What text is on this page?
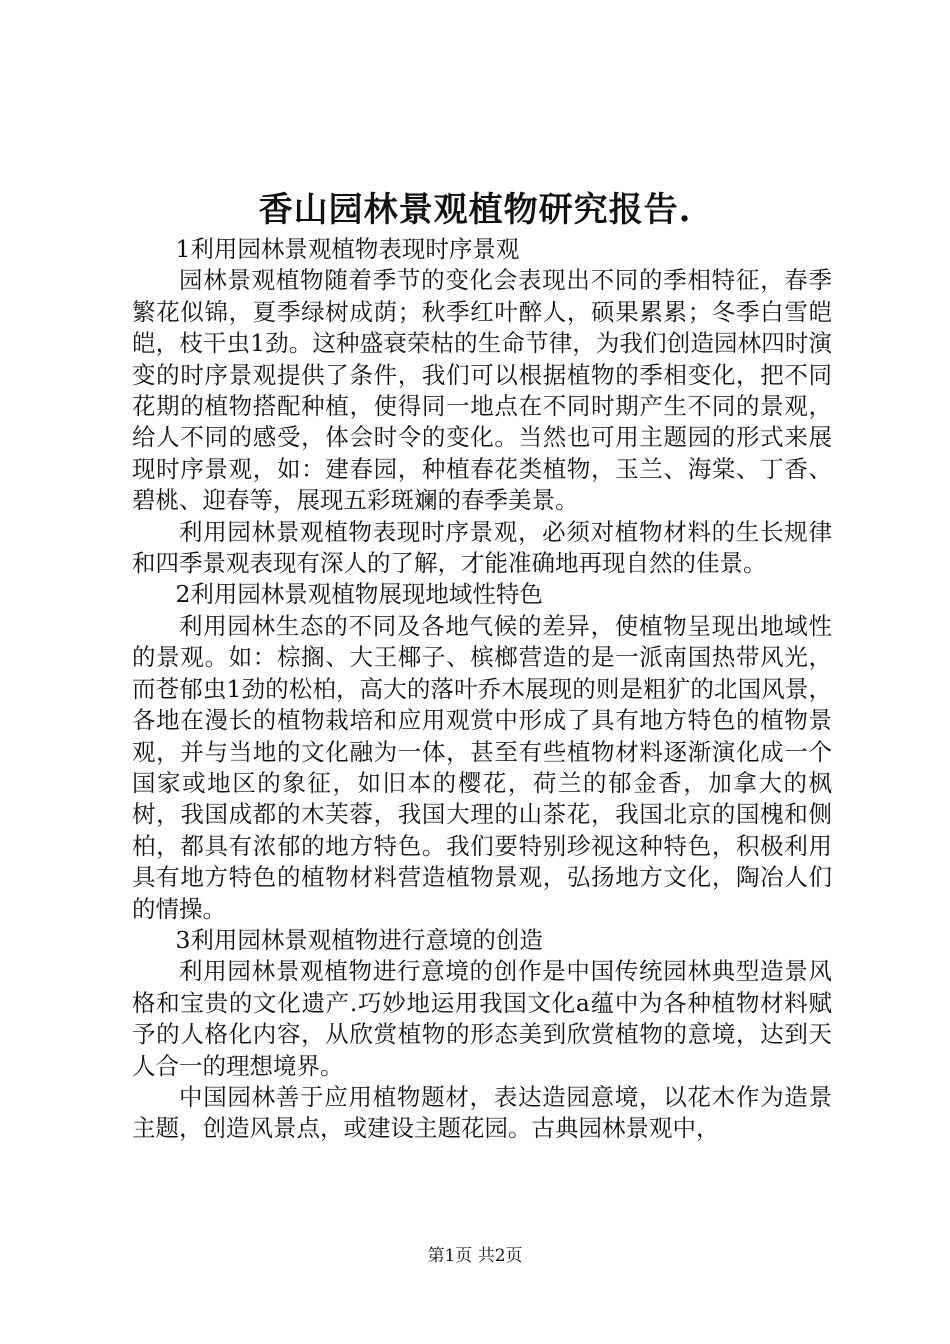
香山园林景观植物研究报告.

1利用园林景观植物表现时序景观

园林景观植物随着季节的变化会表现出不同的季相特征，春季繁花似锦，夏季绿树成荫；秋季红叶醉人，硕果累累；冬季白雪皑皑，枝干虫1劲。这种盛衰荣枯的生命节律，为我们创造园林四时演变的时序景观提供了条件，我们可以根据植物的季相变化，把不同花期的植物搭配种植，使得同一地点在不同时期产生不同的景观，给人不同的感受，体会时令的变化。当然也可用主题园的形式来展现时序景观，如：建春园，种植春花类植物，玉兰、海棠、丁香、碧桃、迎春等，展现五彩斑斓的春季美景。

利用园林景观植物表现时序景观，必须对植物材料的生长规律和四季景观表现有深人的了解，才能准确地再现自然的佳景。

2利用园林景观植物展现地域性特色

利用园林生态的不同及各地气候的差异，使植物呈现出地域性的景观。如：棕搁、大王椰子、槟榔营造的是一派南国热带风光，而苍郁虫1劲的松柏，高大的落叶乔木展现的则是粗犷的北国风景，各地在漫长的植物栽培和应用观赏中形成了具有地方特色的植物景观，并与当地的文化融为一体，甚至有些植物材料逐渐演化成一个国家或地区的象征，如旧本的樱花，荷兰的郁金香，加拿大的枫树，我国成都的木芙蓉，我国大理的山茶花，我国北京的国槐和侧柏，都具有浓郁的地方特色。我们要特别珍视这种特色，积极利用具有地方特色的植物材料营造植物景观，弘扬地方文化，陶冶人们的情操。

3利用园林景观植物进行意境的创造

利用园林景观植物进行意境的创作是中国传统园林典型造景风格和宝贵的文化遗产.巧妙地运用我国文化a蕴中为各种植物材料赋予的人格化内容，从欣赏植物的形态美到欣赏植物的意境，达到天人合一的理想境界。

中国园林善于应用植物题材，表达造园意境，以花木作为造景主题，创造风景点，或建设主题花园。古典园林景观中，

第1页 共2页
